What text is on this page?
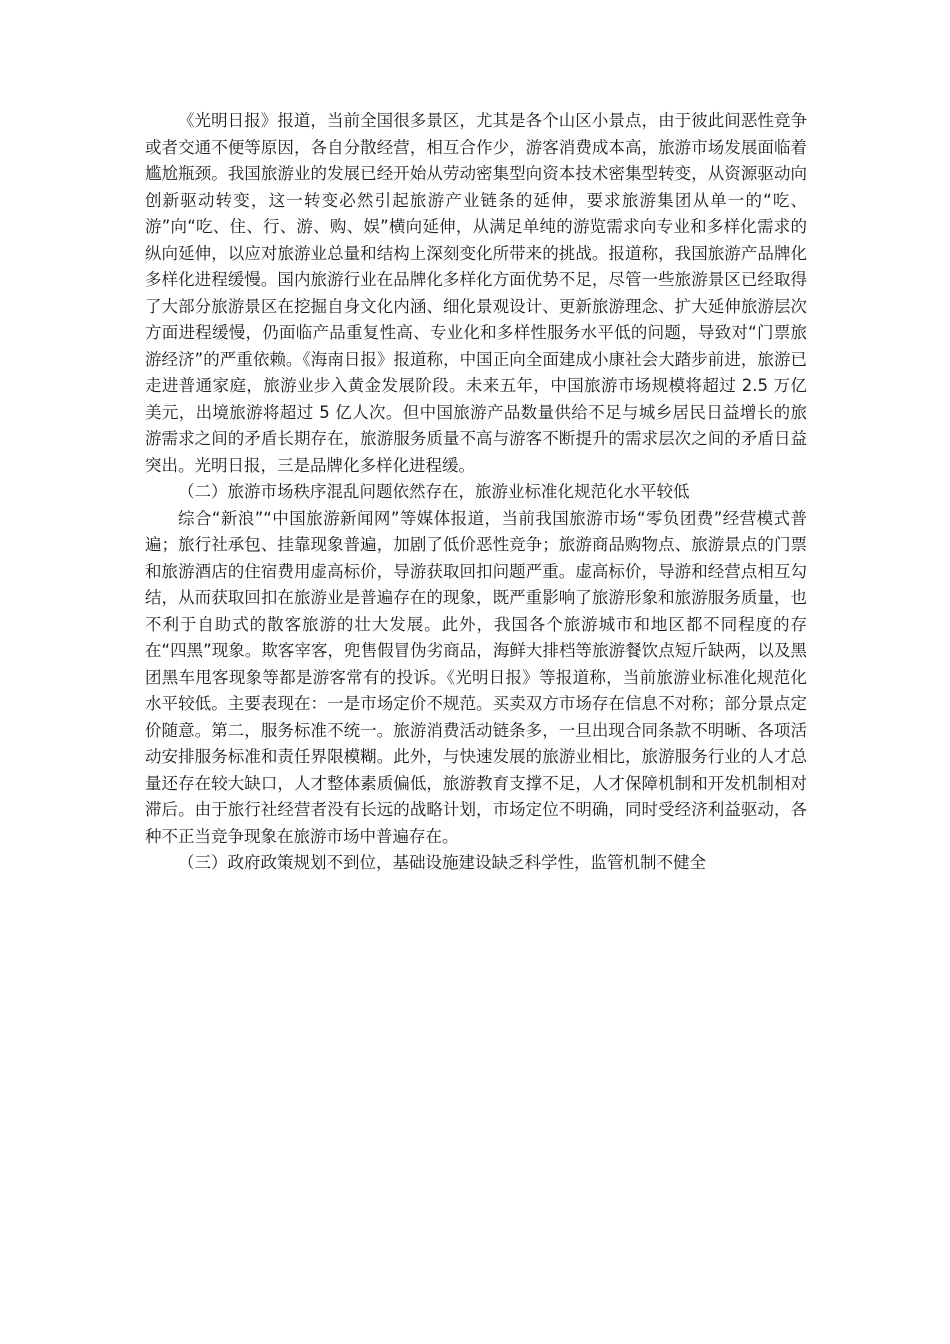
《光明日报》报道，当前全国很多景区，尤其是各个山区小景点，由于彼此间恶性竞争或者交通不便等原因，各自分散经营，相互合作少，游客消费成本高，旅游市场发展面临着尴尬瓶颈。我国旅游业的发展已经开始从劳动密集型向资本技术密集型转变，从资源驱动向创新驱动转变，这一转变必然引起旅游产业链条的延伸，要求旅游集团从单一的“吃、游”向“吃、住、行、游、购、娱”横向延伸，从满足单纯的游览需求向专业和多样化需求的纵向延伸，以应对旅游业总量和结构上深刻变化所带来的挑战。报道称，我国旅游产品牌化多样化进程缓慢。国内旅游行业在品牌化多样化方面优势不足，尽管一些旅游景区已经取得了大部分旅游景区在挖掘自身文化内涵、细化景观设计、更新旅游理念、扩大延伸旅游层次方面进程缓慢，仍面临产品重复性高、专业化和多样性服务水平低的问题，导致对“门票旅游经济”的严重依赖。《海南日报》报道称，中国正向全面建成小康社会大踏步前进，旅游已走进普通家庭，旅游业步入黄金发展阶段。未来五年，中国旅游市场规模将超过 2.5 万亿美元，出境旅游将超过 5 亿人次。但中国旅游产品数量供给不足与城乡居民日益增长的旅游需求之间的矛盾长期存在，旅游服务质量不高与游客不断提升的需求层次之间的矛盾日益突出。光明日报，三是品牌化多样化进程缓。

（二）旅游市场秩序混乱问题依然存在，旅游业标准化规范化水平较低

综合“新浪”“中国旅游新闻网”等媒体报道，当前我国旅游市场“零负团费”经营模式普遍；旅行社承包、挂靠现象普遍，加剧了低价恶性竞争；旅游商品购物点、旅游景点的门票和旅游酒店的住宿费用虚高标价，导游获取回扣问题严重。虚高标价，导游和经营点相互勾结，从而获取回扣在旅游业是普遍存在的现象，既严重影响了旅游形象和旅游服务质量，也不利于自助式的散客旅游的壮大发展。此外，我国各个旅游城市和地区都不同程度的存在“四黑”现象。欺客宰客，兜售假冒伪劣商品，海鲜大排档等旅游餐饮点短斤缺两，以及黑团黑车甩客现象等都是游客常有的投诉。《光明日报》等报道称，当前旅游业标准化规范化水平较低。主要表现在：一是市场定价不规范。买卖双方市场存在信息不对称；部分景点定价随意。第二，服务标准不统一。旅游消费活动链条多，一旦出现合同条款不明晰、各项活动安排服务标准和责任界限模糊。此外，与快速发展的旅游业相比，旅游服务行业的人才总量还存在较大缺口，人才整体素质偏低，旅游教育支撑不足，人才保障机制和开发机制相对滞后。由于旅行社经营者没有长远的战略计划，市场定位不明确，同时受经济利益驱动，各种不正当竞争现象在旅游市场中普遍存在。

（三）政府政策规划不到位，基础设施建设缺乏科学性，监管机制不健全
